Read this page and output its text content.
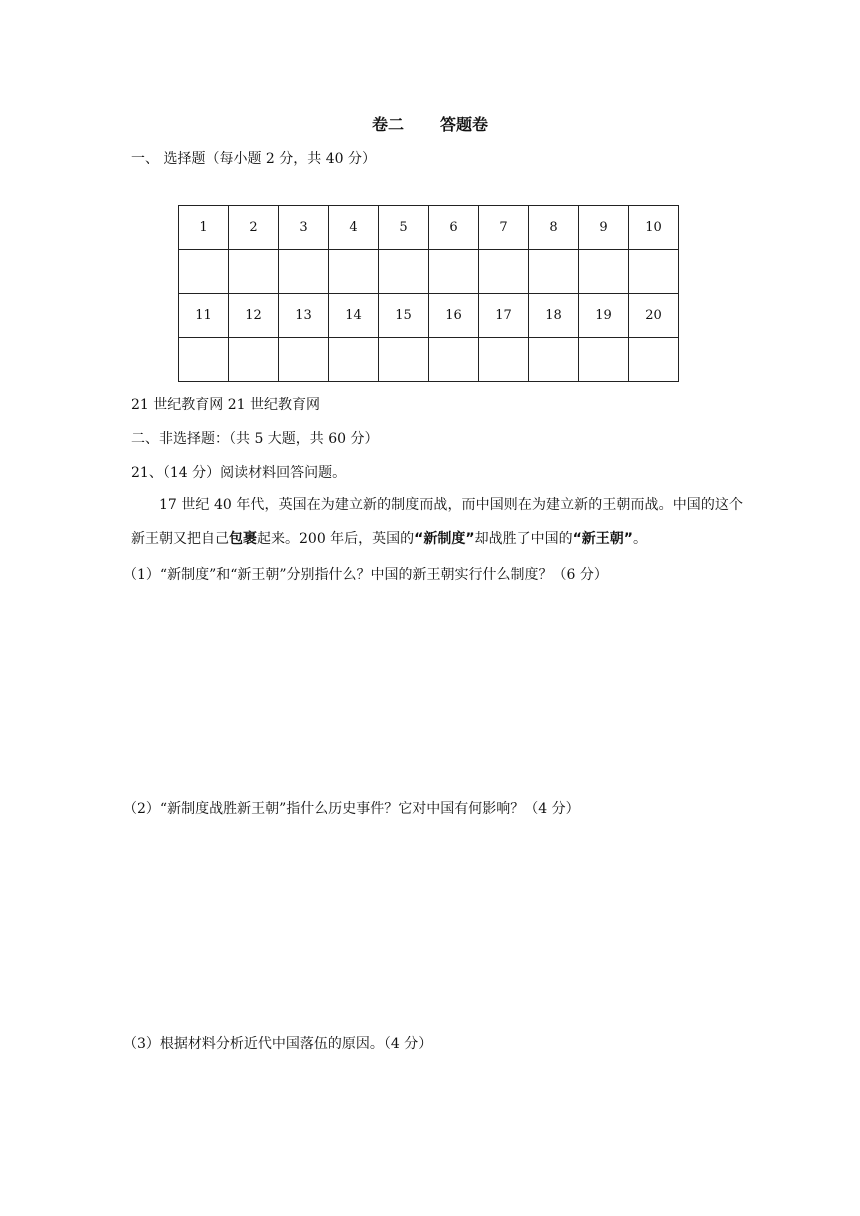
卷二 答题卷
一、 选择题（每小题 2 分，共 40 分）
1	2	3	4	5	6	7	8	9	10

11	12	13	14	15	16	17	18	19	20

21 世纪教育网 21 世纪教育网
二、非选择题：（共 5 大题，共 60 分）
21、（14 分）阅读材料回答问题。
17 世纪 40 年代，英国在为建立新的制度而战，而中国则在为建立新的王朝而战。中国的这个新王朝又把自己包裹起来。200 年后，英国的“新制度”却战胜了中国的“新王朝”。
（1）“新制度”和“新王朝”分别指什么？中国的新王朝实行什么制度？（6 分）
（2）“新制度战胜新王朝”指什么历史事件？它对中国有何影响？（4 分）
（3）根据材料分析近代中国落伍的原因。（4 分）
